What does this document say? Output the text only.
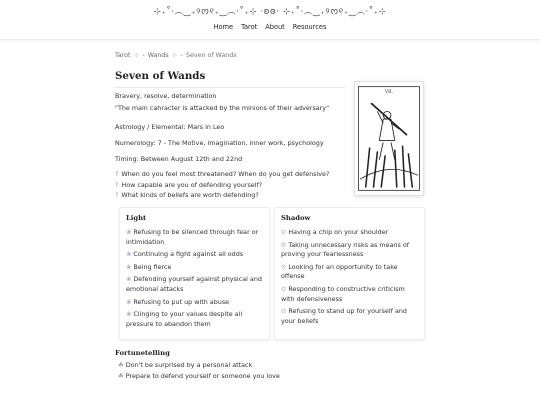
⊹₊˚‧︵‿₊୨ᰔ୧₊‿︵‧˚₊⊹ ·ʚɞ· ⊹₊˚‧︵‿₊୨ᰔ୧₊‿︵‧˚₊⊹
Home Tarot About Resources
Tarot ⊹ ࣪ ˖ Wands ⊹ ࣪ ˖ Seven of Wands
VII.
Seven of Wands

Bravery, resolve, determination

"The main cahracter is attacked by the minions of their adversary"

Astrology / Elemental: Mars in Leo

Numerology: 7 - The Motive, imagination, inner work, psychology

Timing: Between August 12th and 22nd

? When do you feel most threatened? When do you get defensive?
? How capable are you of defending yourself?
? What kinds of beliefs are worth defending?
Light
❀ Refusing to be silenced through fear or intimidation
❀ Continuing a fight against all odds
❀ Being fierce
❀ Defending yourself against physical and emotional attacks
❀ Refusing to put up with abuse
❀ Clinging to your values despite all pressure to abandon them
Shadow
✩ Having a chip on your shoulder
✩ Taking unnecessary risks as means of proving your fearlessness
✩ Looking for an opportunity to take offense
✩ Responding to constructive criticism with defensiveness
✩ Refusing to stand up for yourself and your beliefs
Fortunetelling
☘ Don't be surprised by a personal attack
☘ Prepare to defend yourself or someone you love
